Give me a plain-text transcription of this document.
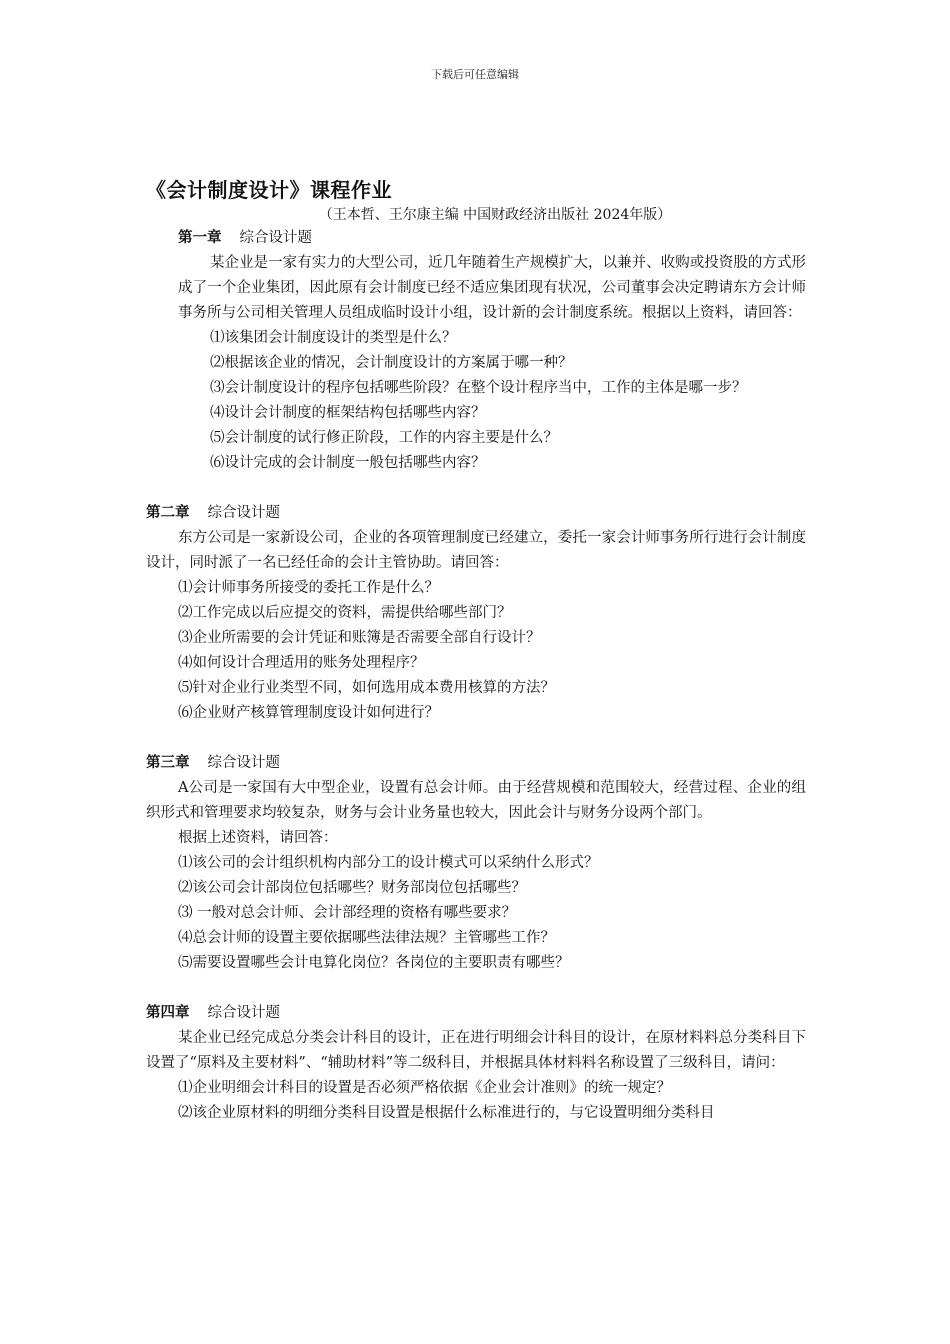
下载后可任意编辑
《会计制度设计》课程作业
（王本哲、王尔康主编 中国财政经济出版社 2024年版）

第一章 综合设计题

某企业是一家有实力的大型公司，近几年随着生产规模扩大，以兼并、收购或投资股的方式形成了一个企业集团，因此原有会计制度已经不适应集团现有状况，公司董事会决定聘请东方会计师事务所与公司相关管理人员组成临时设计小组，设计新的会计制度系统。根据以上资料，请回答：

⑴该集团会计制度设计的类型是什么？

⑵根据该企业的情况，会计制度设计的方案属于哪一种？

⑶会计制度设计的程序包括哪些阶段？在整个设计程序当中，工作的主体是哪一步？

⑷设计会计制度的框架结构包括哪些内容？

⑸会计制度的试行修正阶段，工作的内容主要是什么？

⑹设计完成的会计制度一般包括哪些内容？

第二章 综合设计题

东方公司是一家新设公司，企业的各项管理制度已经建立，委托一家会计师事务所行进行会计制度设计，同时派了一名已经任命的会计主管协助。请回答：

⑴会计师事务所接受的委托工作是什么？

⑵工作完成以后应提交的资料，需提供给哪些部门？

⑶企业所需要的会计凭证和账簿是否需要全部自行设计？

⑷如何设计合理适用的账务处理程序？

⑸针对企业行业类型不同，如何选用成本费用核算的方法？

⑹企业财产核算管理制度设计如何进行？

第三章 综合设计题

A公司是一家国有大中型企业，设置有总会计师。由于经营规模和范围较大，经营过程、企业的组织形式和管理要求均较复杂，财务与会计业务量也较大，因此会计与财务分设两个部门。

根据上述资料，请回答：

⑴该公司的会计组织机构内部分工的设计模式可以采纳什么形式？

⑵该公司会计部岗位包括哪些？财务部岗位包括哪些？

⑶ 一般对总会计师、会计部经理的资格有哪些要求？

⑷总会计师的设置主要依据哪些法律法规？主管哪些工作？

⑸需要设置哪些会计电算化岗位？各岗位的主要职责有哪些？

第四章 综合设计题

某企业已经完成总分类会计科目的设计，正在进行明细会计科目的设计，在原材料料总分类科目下设置了“原料及主要材料”、“辅助材料”等二级科目，并根据具体材料料名称设置了三级科目，请问：

⑴企业明细会计科目的设置是否必须严格依据《企业会计准则》的统一规定？

⑵该企业原材料的明细分类科目设置是根据什么标准进行的，与它设置明细分类科目
